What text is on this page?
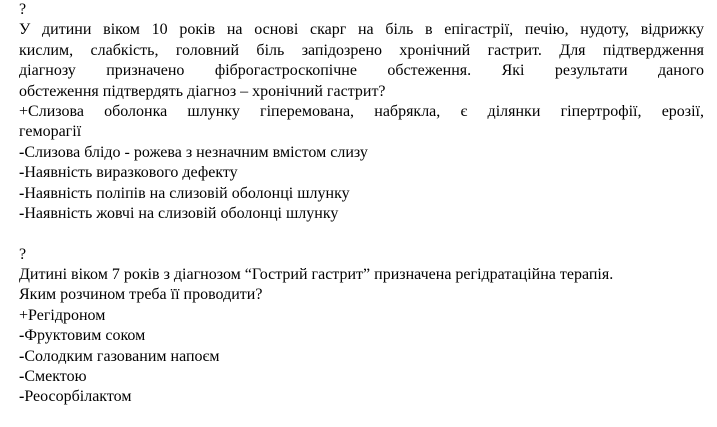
?
У дитини віком 10 років на основі скарг на біль в епігастрії, печію, нудоту, відрижку
кислим, слабкість, головний біль запідозрено хронічний гастрит. Для підтвердження
діагнозу призначено фіброгастроскопічне обстеження. Які результати даного
обстеження підтвердять діагноз – хронічний гастрит?
+Слизова оболонка шлунку гіперемована, набрякла, є ділянки гіпертрофії, ерозії,
геморагії
-Слизова блідо - рожева з незначним вмістом слизу
-Наявність виразкового дефекту
-Наявність поліпів на слизовій оболонці шлунку
-Наявність жовчі на слизовій оболонці шлунку
?
Дитині віком 7 років з діагнозом “Гострий гастрит” призначена регідратаційна терапія.
Яким розчином треба її проводити?
+Регідроном
-Фруктовим соком
-Солодким газованим напоєм
-Смектою
-Реосорбілактом
